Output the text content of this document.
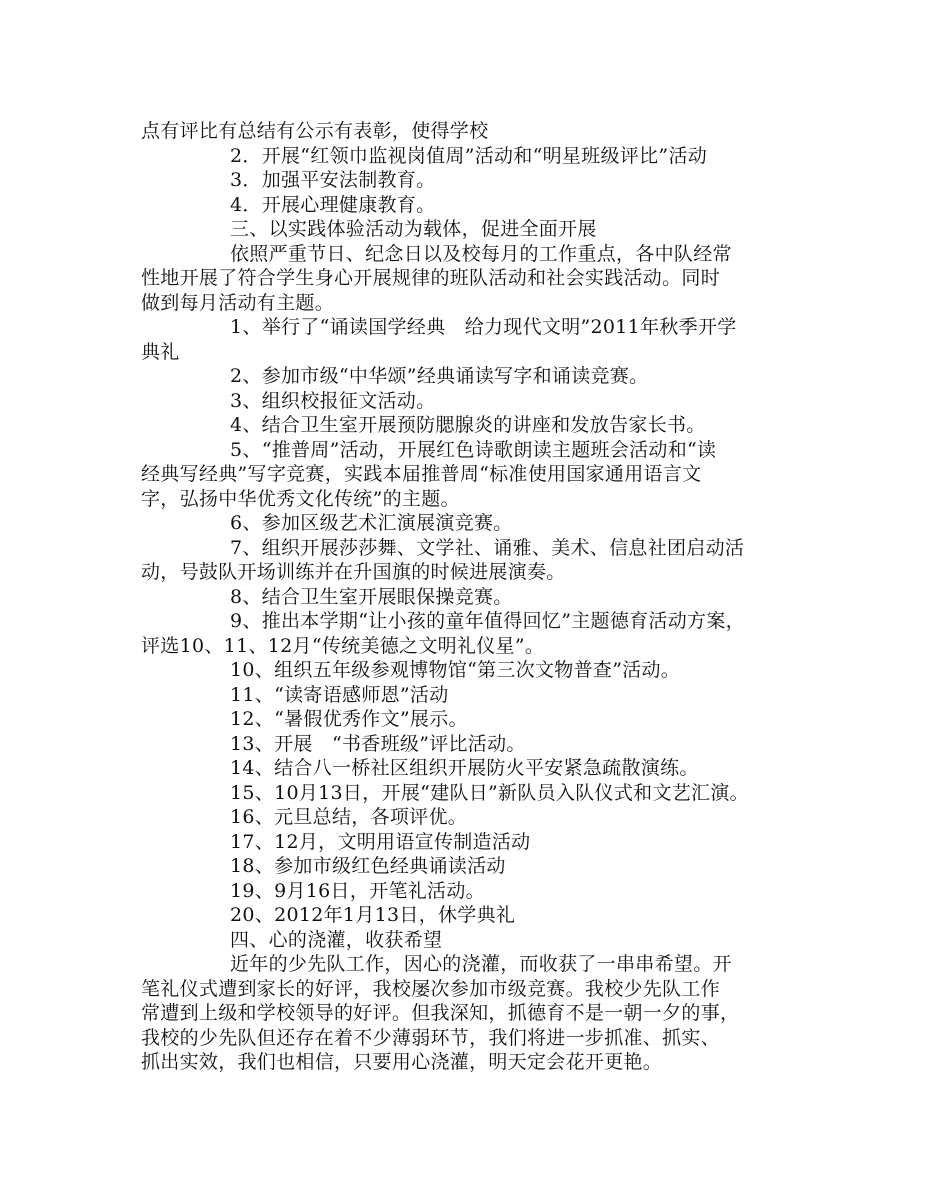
点有评比有总结有公示有表彰，使得学校
2．开展“红领巾监视岗值周”活动和“明星班级评比”活动
3．加强平安法制教育。
4．开展心理健康教育。
三、以实践体验活动为载体，促进全面开展
依照严重节日、纪念日以及校每月的工作重点，各中队经常
性地开展了符合学生身心开展规律的班队活动和社会实践活动。同时
做到每月活动有主题。
1、举行了“诵读国学经典　给力现代文明”2011年秋季开学
典礼
2、参加市级“中华颂”经典诵读写字和诵读竞赛。
3、组织校报征文活动。
4、结合卫生室开展预防腮腺炎的讲座和发放告家长书。
5、“推普周”活动，开展红色诗歌朗读主题班会活动和“读
经典写经典”写字竞赛，实践本届推普周“标准使用国家通用语言文
字，弘扬中华优秀文化传统”的主题。
6、参加区级艺术汇演展演竞赛。
7、组织开展莎莎舞、文学社、诵雅、美术、信息社团启动活
动，号鼓队开场训练并在升国旗的时候进展演奏。
8、结合卫生室开展眼保操竞赛。
9、推出本学期“让小孩的童年值得回忆”主题德育活动方案，
评选10、11、12月“传统美德之文明礼仪星”。
10、组织五年级参观博物馆“第三次文物普查”活动。
11、“读寄语感师恩”活动
12、“暑假优秀作文”展示。
13、开展　“书香班级”评比活动。
14、结合八一桥社区组织开展防火平安紧急疏散演练。
15、10月13日，开展“建队日”新队员入队仪式和文艺汇演。
16、元旦总结，各项评优。
17、12月，文明用语宣传制造活动
18、参加市级红色经典诵读活动
19、9月16日，开笔礼活动。
20、2012年1月13日，休学典礼
四、心的浇灌，收获希望
近年的少先队工作，因心的浇灌，而收获了一串串希望。开
笔礼仪式遭到家长的好评，我校屡次参加市级竞赛。我校少先队工作
常遭到上级和学校领导的好评。但我深知，抓德育不是一朝一夕的事，
我校的少先队但还存在着不少薄弱环节，我们将进一步抓准、抓实、
抓出实效，我们也相信，只要用心浇灌，明天定会花开更艳。
